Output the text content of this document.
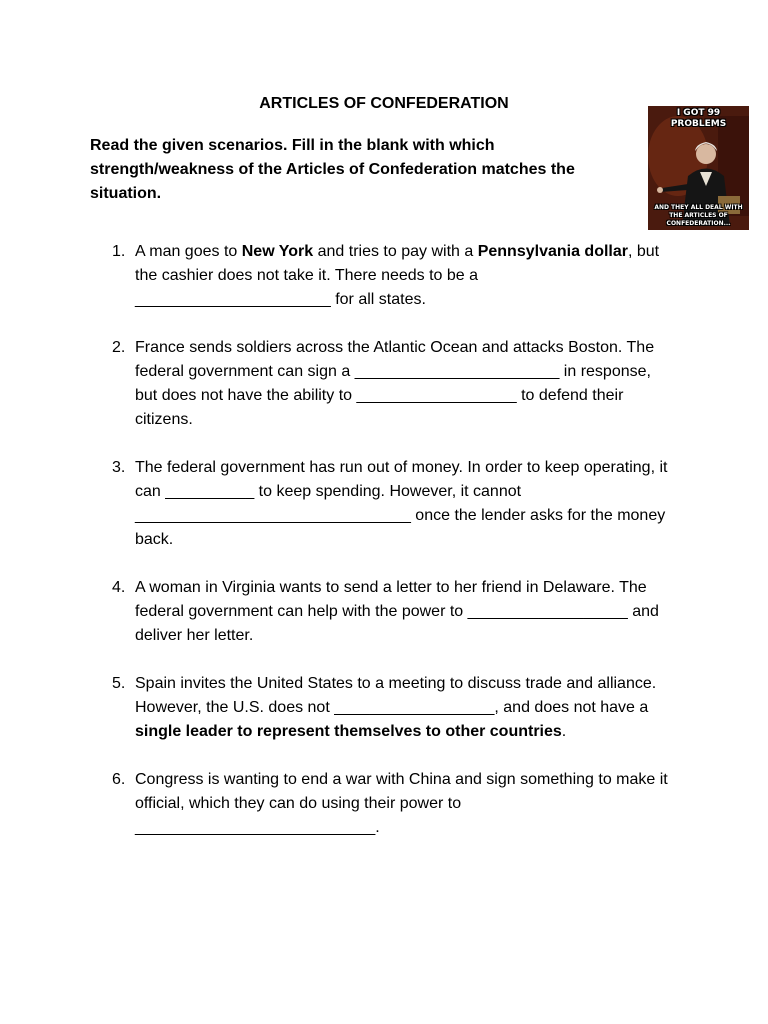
ARTICLES OF CONFEDERATION
Read the given scenarios. Fill in the blank with which strength/weakness of the Articles of Confederation matches the situation.
I GOT 99 PROBLEMS
AND THEY ALL DEAL WITH THE ARTICLES OF CONFEDERATION...
1. A man goes to New York and tries to pay with a Pennsylvania dollar, but the cashier does not take it. There needs to be a ______________________ for all states.
2. France sends soldiers across the Atlantic Ocean and attacks Boston. The federal government can sign a _______________________ in response, but does not have the ability to __________________ to defend their citizens.
3. The federal government has run out of money. In order to keep operating, it can __________ to keep spending. However, it cannot _______________________________ once the lender asks for the money back.
4. A woman in Virginia wants to send a letter to her friend in Delaware. The federal government can help with the power to __________________ and deliver her letter.
5. Spain invites the United States to a meeting to discuss trade and alliance. However, the U.S. does not __________________, and does not have a single leader to represent themselves to other countries.
6. Congress is wanting to end a war with China and sign something to make it official, which they can do using their power to ___________________________.
